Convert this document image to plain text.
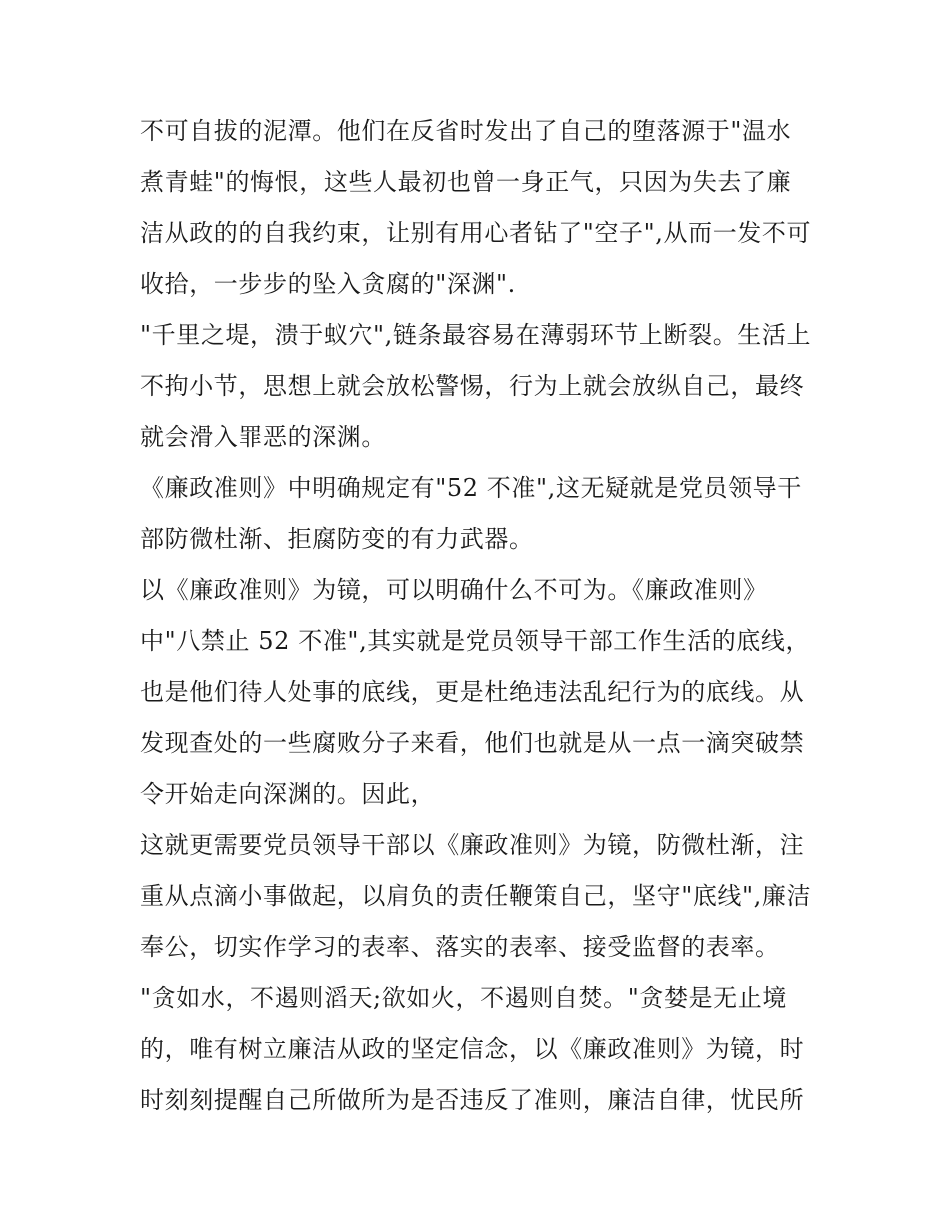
不可自拔的泥潭。他们在反省时发出了自己的堕落源于"温水
煮青蛙"的悔恨，这些人最初也曾一身正气，只因为失去了廉
洁从政的的自我约束，让别有用心者钻了"空子",从而一发不可
收拾，一步步的坠入贪腐的"深渊".
"千里之堤，溃于蚁穴",链条最容易在薄弱环节上断裂。生活上
不拘小节，思想上就会放松警惕，行为上就会放纵自己，最终
就会滑入罪恶的深渊。
《廉政准则》中明确规定有"52 不准",这无疑就是党员领导干
部防微杜渐、拒腐防变的有力武器。
以《廉政准则》为镜，可以明确什么不可为。《廉政准则》
中"八禁止 52 不准",其实就是党员领导干部工作生活的底线，
也是他们待人处事的底线，更是杜绝违法乱纪行为的底线。从
发现查处的一些腐败分子来看，他们也就是从一点一滴突破禁
令开始走向深渊的。因此，
这就更需要党员领导干部以《廉政准则》为镜，防微杜渐，注
重从点滴小事做起，以肩负的责任鞭策自己，坚守"底线",廉洁
奉公，切实作学习的表率、落实的表率、接受监督的表率。
"贪如水，不遏则滔天;欲如火，不遏则自焚。"贪婪是无止境
的，唯有树立廉洁从政的坚定信念，以《廉政准则》为镜，时
时刻刻提醒自己所做所为是否违反了准则，廉洁自律，忧民所
